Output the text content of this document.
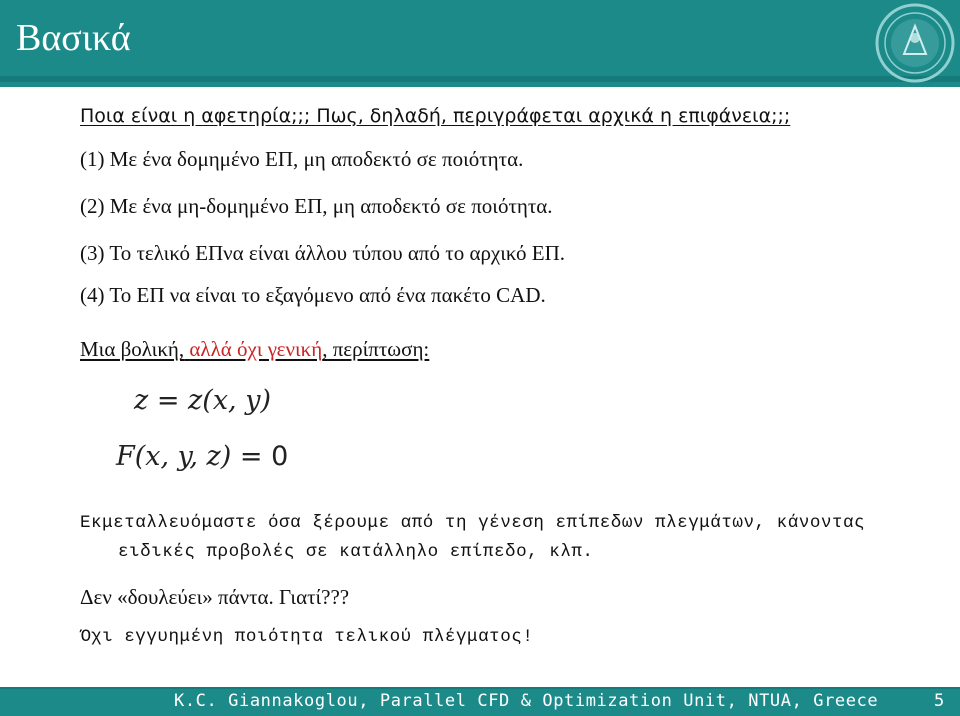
Βασικά
Ποια είναι η αφετηρία;;; Πως, δηλαδή, περιγράφεται αρχικά η επιφάνεια;;;
(1) Με ένα δομημένο ΕΠ, μη αποδεκτό σε ποιότητα.
(2) Με ένα μη-δομημένο ΕΠ, μη αποδεκτό σε ποιότητα.
(3) Το τελικό ΕΠνα είναι άλλου τύπου από το αρχικό ΕΠ.
(4) Το ΕΠ να είναι το εξαγόμενο από ένα πακέτο CAD.
Μια βολική, αλλά όχι γενική, περίπτωση:
z = z(x, y)
F(x, y, z) = 0
Εκμεταλλευόμαστε όσα ξέρουμε από τη γένεση επίπεδων πλεγμάτων, κάνοντας
ειδικές προβολές σε κατάλληλο επίπεδο, κλπ.
Δεν «δουλεύει» πάντα. Γιατί???
Όχι εγγυημένη ποιότητα τελικού πλέγματος!
K.C. Giannakoglou, Parallel CFD & Optimization Unit, NTUA, Greece	5
